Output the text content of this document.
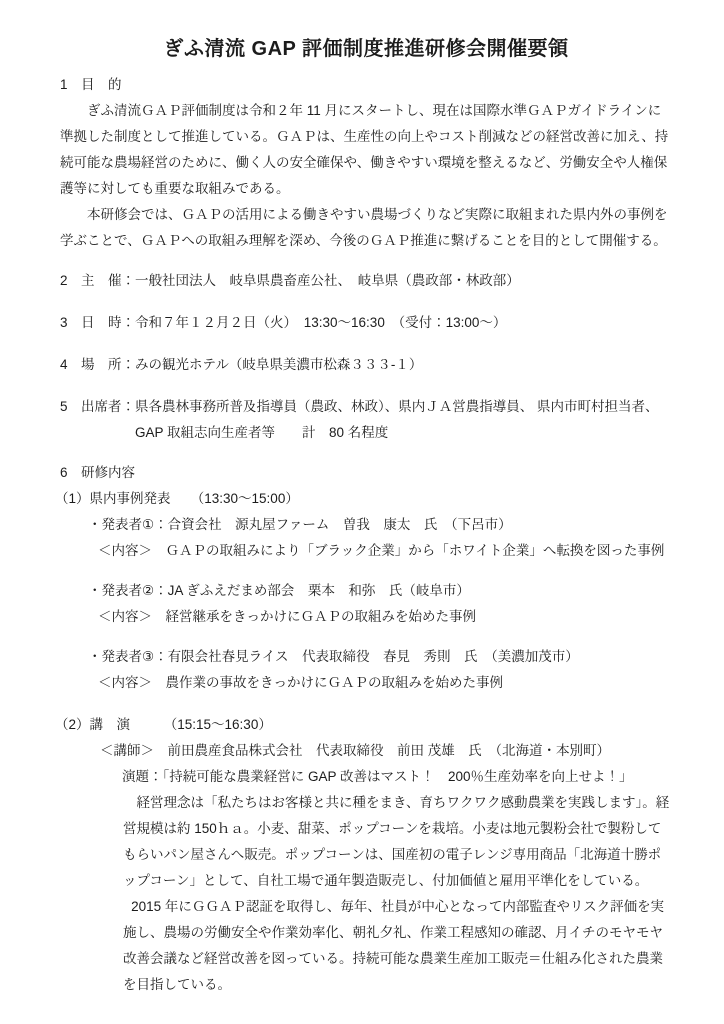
ぎふ清流 GAP 評価制度推進研修会開催要領
1　目　的

ぎふ清流ＧＡＰ評価制度は令和２年 11 月にスタートし、現在は国際水準ＧＡＰガイドラインに準拠した制度として推進している。ＧＡＰは、生産性の向上やコスト削減などの経営改善に加え、持続可能な農場経営のために、働く人の安全確保や、働きやすい環境を整えるなど、労働安全や人権保護等に対しても重要な取組みである。

本研修会では、ＧＡＰの活用による働きやすい農場づくりなど実際に取組まれた県内外の事例を学ぶことで、ＧＡＰへの取組み理解を深め、今後のＧＡＰ推進に繋げることを目的として開催する。

2　主　催：一般社団法人　岐阜県農畜産公社、　岐阜県（農政部・林政部）
3　日　時：令和７年１２月２日（火）　13:30～16:30　（受付：13:00～）
4　場　所：みの観光ホテル（岐阜県美濃市松森３３３-１）
5　出席者： 県各農林事務所普及指導員（農政、林政）、県内ＪＡ営農指導員、 県内市町村担当者、GAP 取組志向生産者等　　計　80 名程度
6　研修内容
（1）県内事例発表　　（13:30～15:00）
・発表者①：合資会社　源丸屋ファーム　曽我　康太　氏　（下呂市）
＜内容＞　ＧＡＰの取組みにより「ブラック企業」から「ホワイト企業」へ転換を図った事例
・発表者②：JA ぎふえだまめ部会　栗本　和弥　氏（岐阜市）
＜内容＞　経営継承をきっかけにＧＡＰの取組みを始めた事例
・発表者③：有限会社春見ライス　代表取締役　春見　秀則　氏　（美濃加茂市）
＜内容＞　農作業の事故をきっかけにＧＡＰの取組みを始めた事例
（2）講　演　　　（15:15～16:30）
＜講師＞　前田農産食品株式会社　代表取締役　前田 茂雄　氏　（北海道・本別町）
演題：「持続可能な農業経営に GAP 改善はマスト！　200％生産効率を向上せよ！」

経営理念は「私たちはお客様と共に種をまき、育ちワクワク感動農業を実践します」。経営規模は約 150ｈａ。小麦、甜菜、ポップコーンを栽培。小麦は地元製粉会社で製粉してもらいパン屋さんへ販売。ポップコーンは、国産初の電子レンジ専用商品「北海道十勝ポップコーン」として、自社工場で通年製造販売し、付加価値と雇用平準化をしている。

2015 年にＧＧＡＰ認証を取得し、毎年、社員が中心となって内部監査やリスク評価を実施し、農場の労働安全や作業効率化、朝礼夕礼、作業工程感知の確認、月イチのモヤモヤ改善会議など経営改善を図っている。持続可能な農業生産加工販売＝仕組み化された農業を目指している。
